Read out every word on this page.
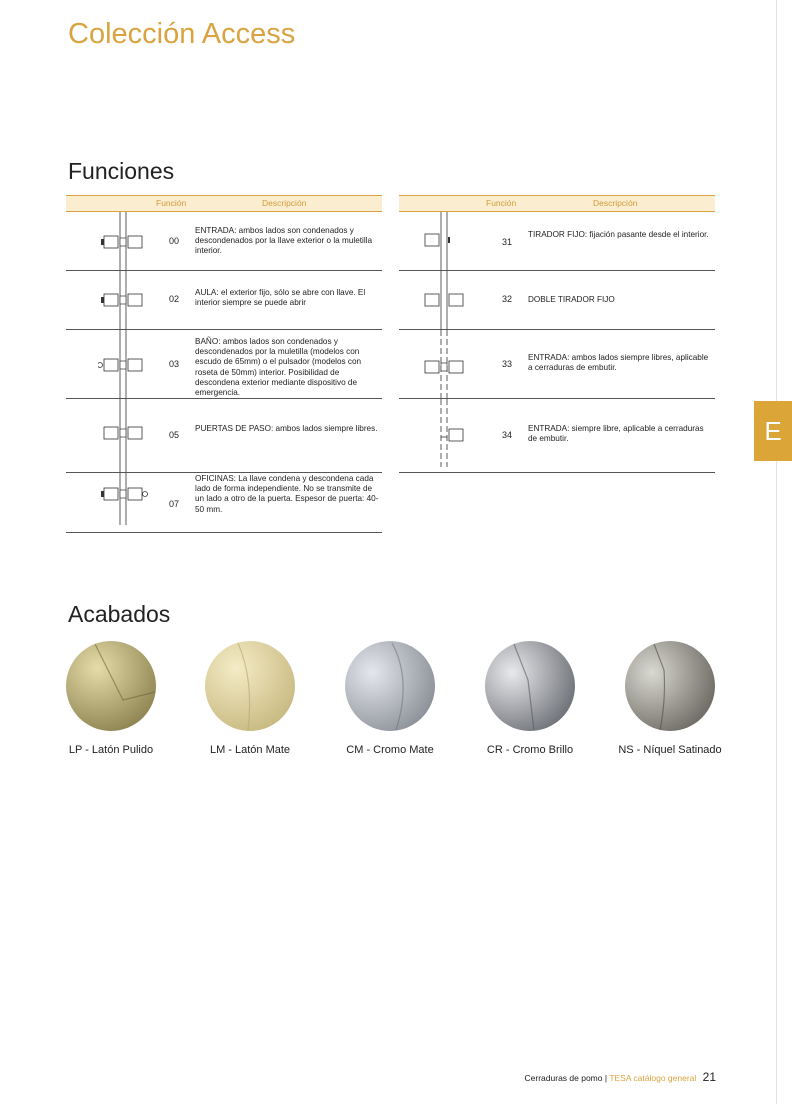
Colección Access
E
Funciones
Función	Descripción
00
ENTRADA: ambos lados son condenados y descondenados por la llave exterior o la muletilla interior.
02
AULA: el exterior fijo, sólo se abre con llave. El interior siempre se puede abrir
03
BAÑO: ambos lados son condenados y descondenados por la muletilla (modelos con escudo de 65mm) o el pulsador (modelos con roseta de 50mm) interior. Posibilidad de descondena exterior mediante dispositivo de emergencia.
05
PUERTAS DE PASO: ambos lados siempre libres.
07
OFICINAS: La llave condena y descondena cada lado de forma independiente. No se transmite de un lado a otro de la puerta. Espesor de puerta: 40-50 mm.
Función	Descripción
31
TIRADOR FIJO: fijación pasante desde el interior.
32 DOBLE TIRADOR FIJO
33
ENTRADA: ambos lados siempre libres, aplicable a cerraduras de embutir.
34
ENTRADA: siempre libre, aplicable a cerraduras de embutir.
Acabados
LP - Latón Pulido	LM - Latón Mate	CM - Cromo Mate	CR - Cromo Brillo	NS - Níquel Satinado
Cerraduras de pomo | TESA catálogo general 21
